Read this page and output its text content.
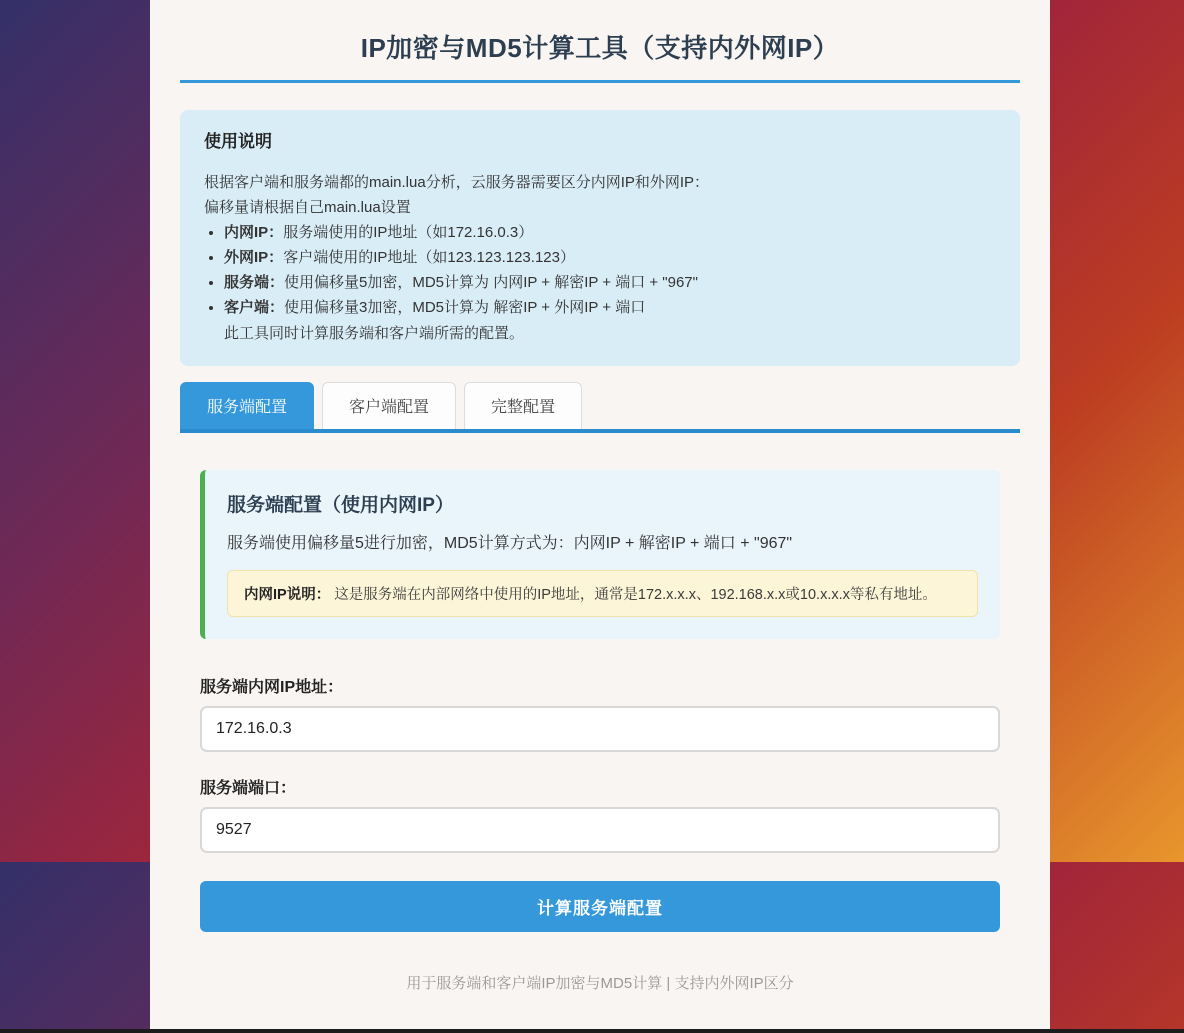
IP加密与MD5计算工具（支持内外网IP）
使用说明

根据客户端和服务端都的main.lua分析，云服务器需要区分内网IP和外网IP：

偏移量请根据自己main.lua设置

• 内网IP：服务端使用的IP地址（如172.16.0.3）
• 外网IP：客户端使用的IP地址（如123.123.123.123）
• 服务端：使用偏移量5加密，MD5计算为 内网IP + 解密IP + 端口 + "967"
• 客户端：使用偏移量3加密，MD5计算为 解密IP + 外网IP + 端口
此工具同时计算服务端和客户端所需的配置。
服务端配置	客户端配置	完整配置
服务端配置（使用内网IP）
服务端使用偏移量5进行加密，MD5计算方式为：内网IP + 解密IP + 端口 + "967"
内网IP说明： 这是服务端在内部网络中使用的IP地址，通常是172.x.x.x、192.168.x.x或10.x.x.x等私有地址。
服务端内网IP地址：
172.16.0.3
服务端端口：
9527 计算服务端配置
用于服务端和客户端IP加密与MD5计算 | 支持内外网IP区分
